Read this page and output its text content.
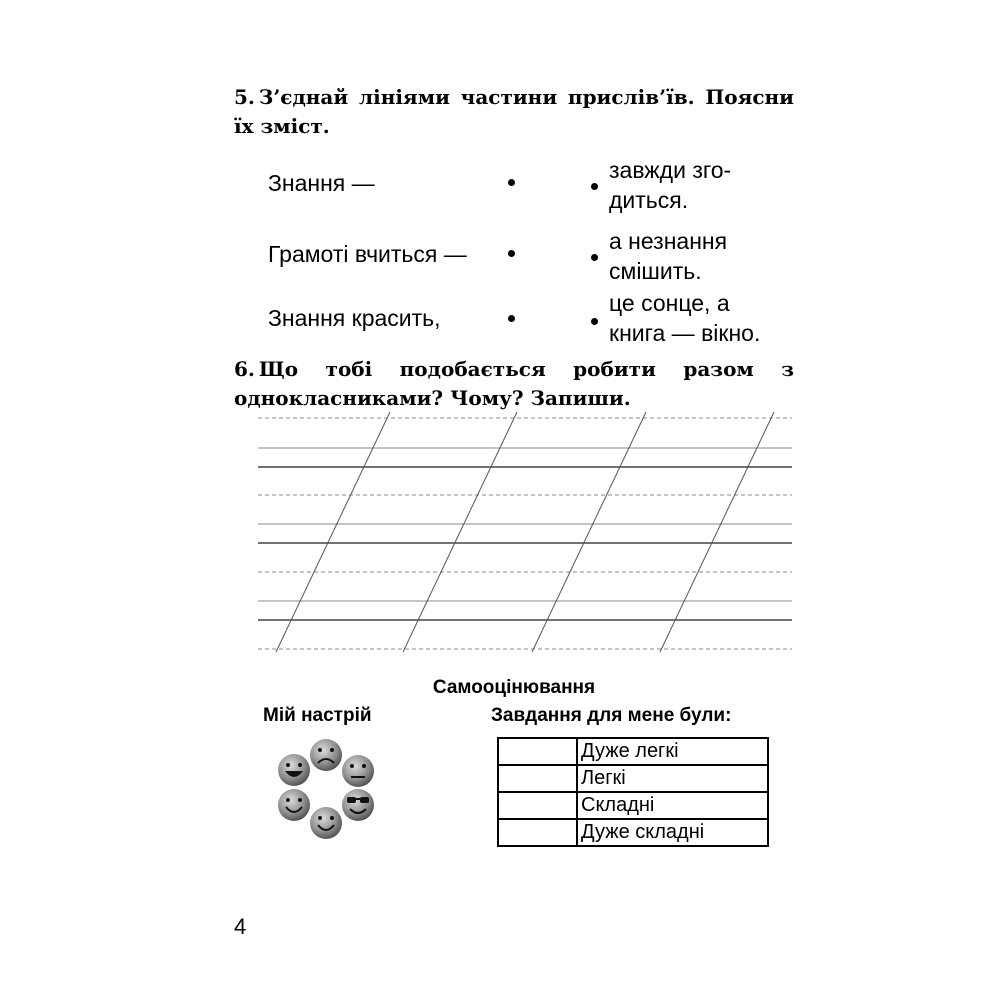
5. З’єднай лініями частини прислів’їв. Поясни їх зміст.
Знання —
Грамоті вчиться —
Знання красить,
завжди зго-
диться.
а незнання
смішить.
це сонце, а
книга — вікно.
6. Що тобі подобається робити разом з однокласниками? Чому? Запиши.
Самооцінювання
Мій настрій	Завдання для мене були:
	Дуже легкі
	Легкі
	Складні
	Дуже складні
4
